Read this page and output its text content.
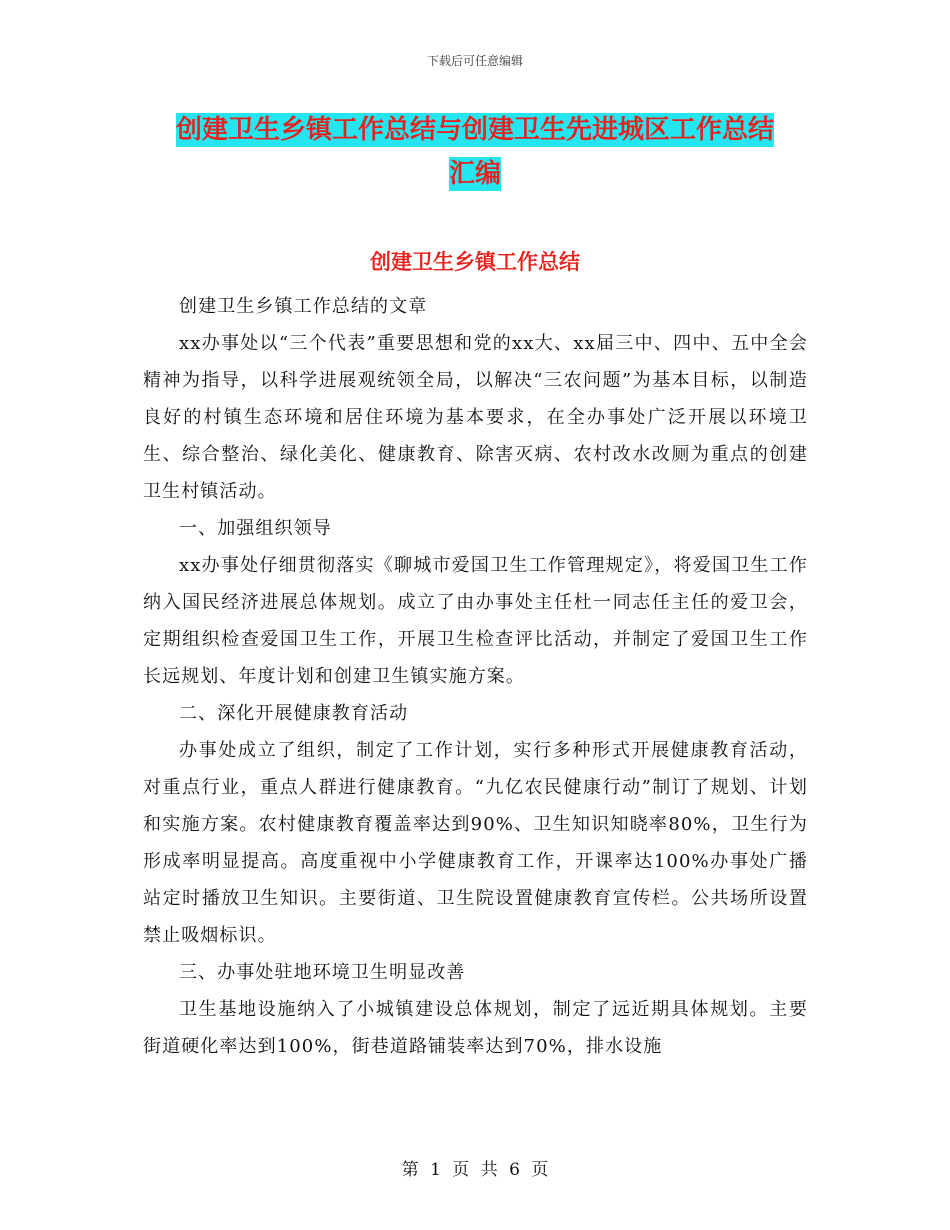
下载后可任意编辑
创建卫生乡镇工作总结与创建卫生先进城区工作总结
汇编
创建卫生乡镇工作总结

创建卫生乡镇工作总结的文章

xx办事处以“三个代表”重要思想和党的xx大、xx届三中、四中、五中全会精神为指导，以科学进展观统领全局，以解决“三农问题”为基本目标，以制造良好的村镇生态环境和居住环境为基本要求，在全办事处广泛开展以环境卫生、综合整治、绿化美化、健康教育、除害灭病、农村改水改厕为重点的创建卫生村镇活动。

一、加强组织领导

xx办事处仔细贯彻落实《聊城市爱国卫生工作管理规定》，将爱国卫生工作纳入国民经济进展总体规划。成立了由办事处主任杜一同志任主任的爱卫会，定期组织检查爱国卫生工作，开展卫生检查评比活动，并制定了爱国卫生工作长远规划、年度计划和创建卫生镇实施方案。

二、深化开展健康教育活动

办事处成立了组织，制定了工作计划，实行多种形式开展健康教育活动，对重点行业，重点人群进行健康教育。“九亿农民健康行动”制订了规划、计划和实施方案。农村健康教育覆盖率达到90%、卫生知识知晓率80%，卫生行为形成率明显提高。高度重视中小学健康教育工作，开课率达100%办事处广播站定时播放卫生知识。主要街道、卫生院设置健康教育宣传栏。公共场所设置禁止吸烟标识。

三、办事处驻地环境卫生明显改善

卫生基地设施纳入了小城镇建设总体规划，制定了远近期具体规划。主要街道硬化率达到100%，街巷道路铺装率达到70%，排水设施

第 1 页 共 6 页
